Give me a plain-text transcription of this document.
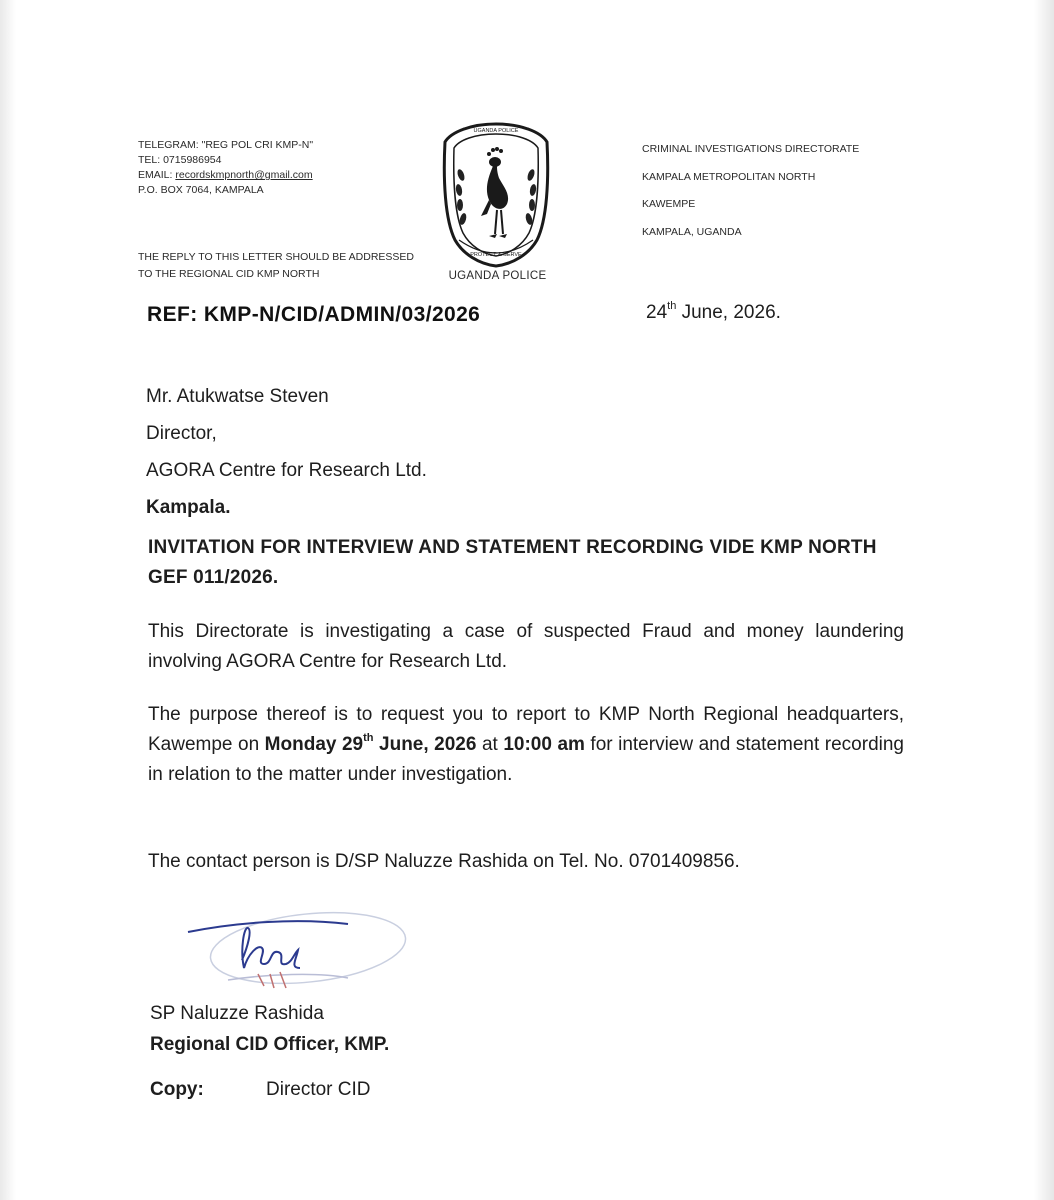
TELEGRAM: "REG POL CRI KMP-N"
TEL: 0715986954
EMAIL: recordskmpnorth@gmail.com
P.O. BOX 7064, KAMPALA
THE REPLY TO THIS LETTER SHOULD BE ADDRESSED TO THE REGIONAL CID KMP NORTH
PROTECT & SERVE
UGANDA POLICE
UGANDA POLICE
CRIMINAL INVESTIGATIONS DIRECTORATE
KAMPALA METROPOLITAN NORTH
KAWEMPE
KAMPALA, UGANDA
REF: KMP-N/CID/ADMIN/03/2026	24th June, 2026.
Mr. Atukwatse Steven
Director,
AGORA Centre for Research Ltd.
Kampala.
INVITATION FOR INTERVIEW AND STATEMENT RECORDING VIDE KMP NORTH GEF 011/2026.
This Directorate is investigating a case of suspected Fraud and money laundering involving AGORA Centre for Research Ltd.
The purpose thereof is to request you to report to KMP North Regional headquarters, Kawempe on Monday 29th June, 2026 at 10:00 am for interview and statement recording in relation to the matter under investigation.
The contact person is D/SP Naluzze Rashida on Tel. No. 0701409856.
SP Naluzze Rashida
Regional CID Officer, KMP.
Copy:	Director CID
